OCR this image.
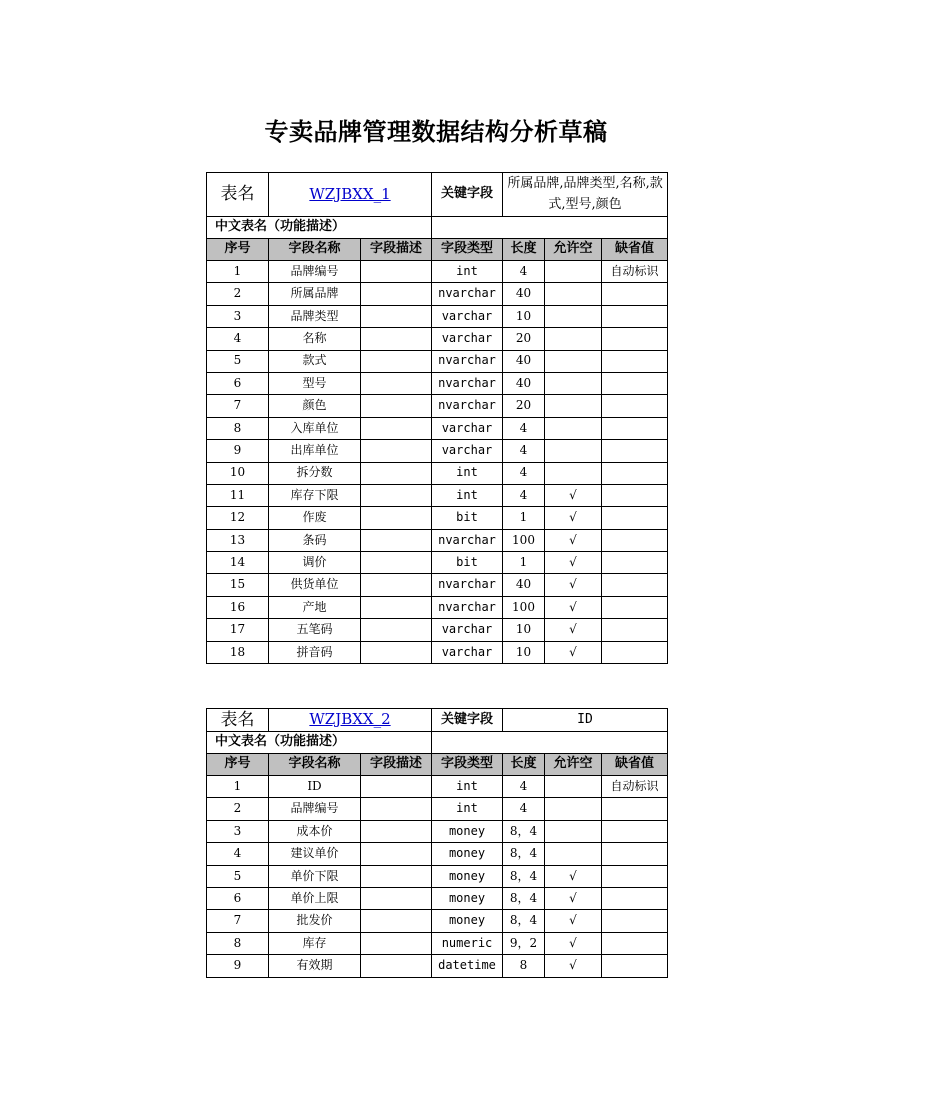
专卖品牌管理数据结构分析草稿
表名	WZJBXX_1		关键字段	所属品牌,品牌类型,名称,款式,型号,颜色		
中文表名（功能描述）						
序号	字段名称	字段描述	字段类型	长度	允许空	缺省值
1	品牌编号		int	4		自动标识
2	所属品牌		nvarchar	40		
3	品牌类型		varchar	10		
4	名称		varchar	20		
5	款式		nvarchar	40		
6	型号		nvarchar	40		
7	颜色		nvarchar	20		
8	入库单位		varchar	4		
9	出库单位		varchar	4		
10	拆分数		int	4		
11	库存下限		int	4	√	
12	作废		bit	1	√	
13	条码		nvarchar	100	√	
14	调价		bit	1	√	
15	供货单位		nvarchar	40	√	
16	产地		nvarchar	100	√	
17	五笔码		varchar	10	√	
18	拼音码		varchar	10	√	
表名	WZJBXX_2		关键字段	ID		
中文表名（功能描述）						
序号	字段名称	字段描述	字段类型	长度	允许空	缺省值
1	ID		int	4		自动标识
2	品牌编号		int	4		
3	成本价		money	8，4		
4	建议单价		money	8，4		
5	单价下限		money	8，4	√	
6	单价上限		money	8，4	√	
7	批发价		money	8，4	√	
8	库存		numeric	9，2	√	
9	有效期		datetime	8	√	
